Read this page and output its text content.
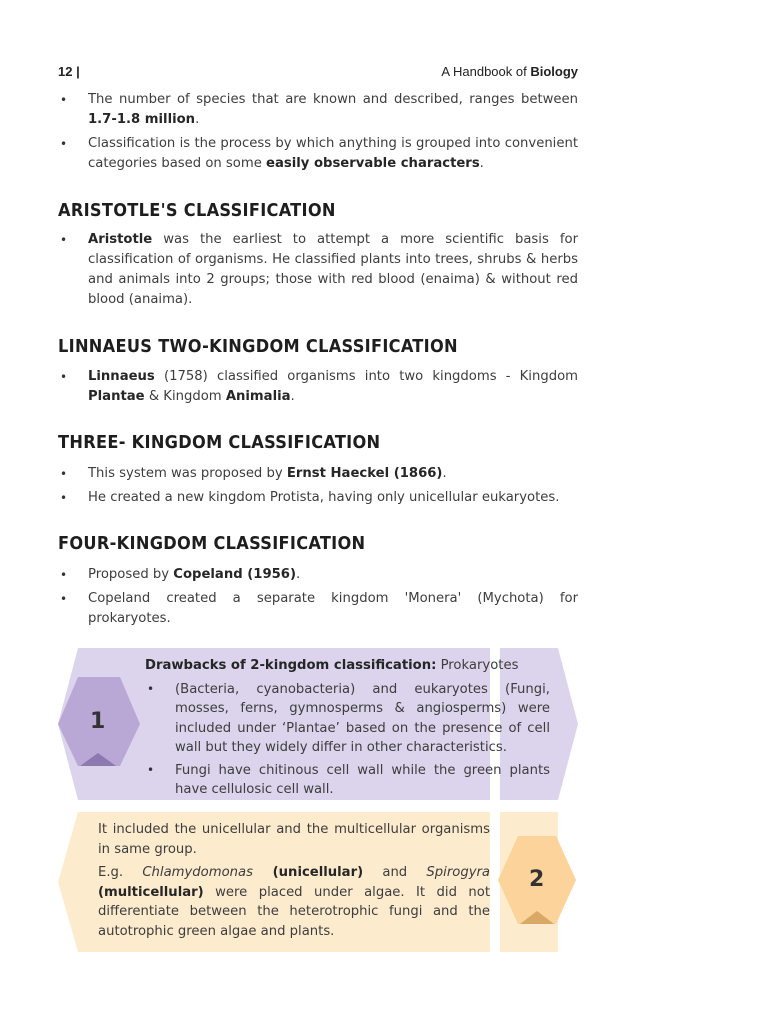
12 |	A Handbook of Biology
• The number of species that are known and described, ranges between 1.7-1.8 million.
• Classification is the process by which anything is grouped into convenient categories based on some easily observable characters.
ARISTOTLE'S CLASSIFICATION
• Aristotle was the earliest to attempt a more scientific basis for classification of organisms. He classified plants into trees, shrubs & herbs and animals into 2 groups; those with red blood (enaima) & without red blood (anaima).
LINNAEUS TWO-KINGDOM CLASSIFICATION
• Linnaeus (1758) classified organisms into two kingdoms - Kingdom Plantae & Kingdom Animalia.
THREE- KINGDOM CLASSIFICATION
• This system was proposed by Ernst Haeckel (1866).
• He created a new kingdom Protista, having only unicellular eukaryotes.
FOUR-KINGDOM CLASSIFICATION
• Proposed by Copeland (1956).
• Copeland created a separate kingdom 'Monera' (Mychota) for prokaryotes.
1

Drawbacks of 2-kingdom classification: Prokaryotes

• (Bacteria, cyanobacteria) and eukaryotes (Fungi, mosses, ferns, gymnosperms & angiosperms) were included under ‘Plantae’ based on the presence of cell wall but they widely differ in other characteristics.
• Fungi have chitinous cell wall while the green plants have cellulosic cell wall.
2

It included the unicellular and the multicellular organisms in same group.

E.g. Chlamydomonas (unicellular) and Spirogyra (multicellular) were placed under algae. It did not differentiate between the heterotrophic fungi and the autotrophic green algae and plants.
